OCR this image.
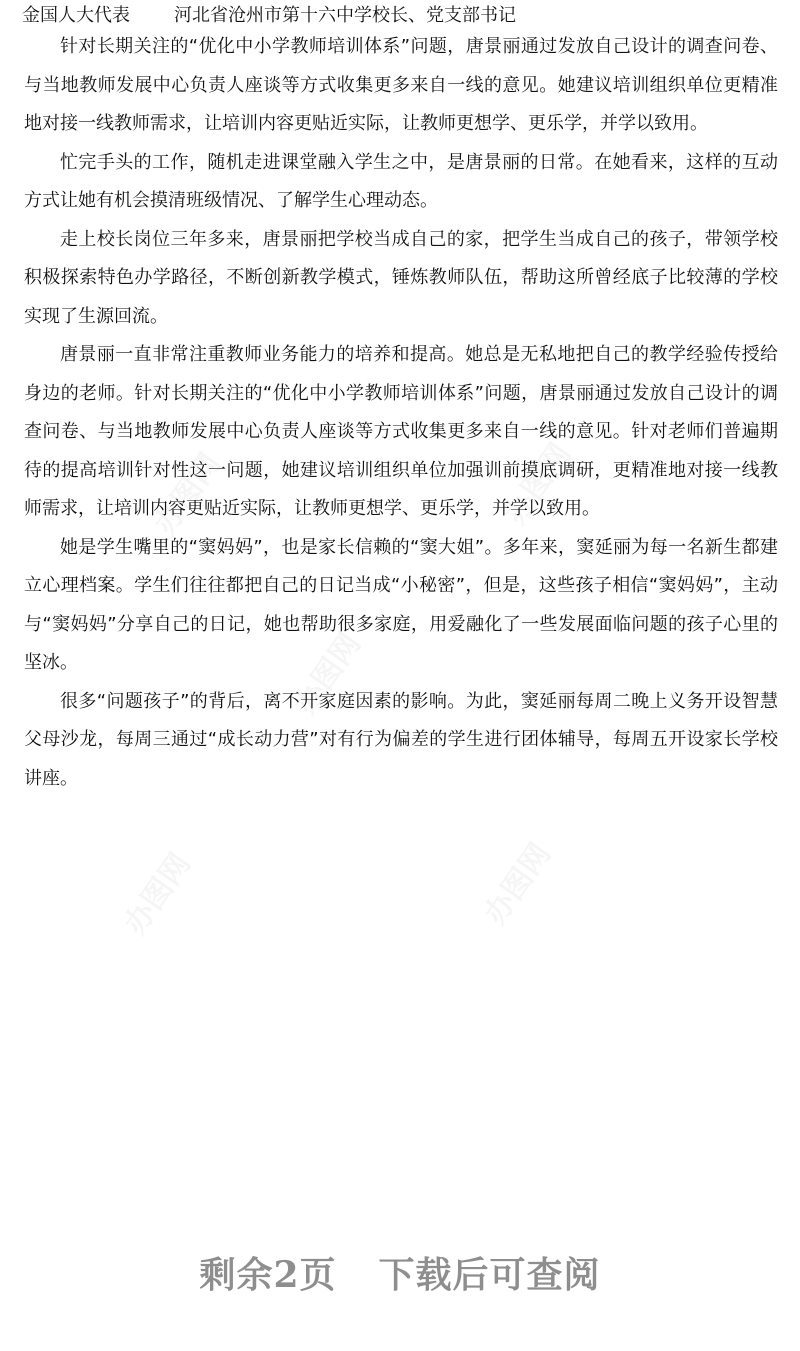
金国人大代表 河北省沧州市第十六中学校长、党支部书记

针对长期关注的“优化中小学教师培训体系”问题，唐景丽通过发放自己设计的调查问卷、与当地教师发展中心负责人座谈等方式收集更多来自一线的意见。她建议培训组织单位更精准地对接一线教师需求，让培训内容更贴近实际，让教师更想学、更乐学，并学以致用。

忙完手头的工作，随机走进课堂融入学生之中，是唐景丽的日常。在她看来，这样的互动方式让她有机会摸清班级情况、了解学生心理动态。

走上校长岗位三年多来，唐景丽把学校当成自己的家，把学生当成自己的孩子，带领学校积极探索特色办学路径，不断创新教学模式，锤炼教师队伍，帮助这所曾经底子比较薄的学校实现了生源回流。

唐景丽一直非常注重教师业务能力的培养和提高。她总是无私地把自己的教学经验传授给身边的老师。针对长期关注的“优化中小学教师培训体系”问题，唐景丽通过发放自己设计的调查问卷、与当地教师发展中心负责人座谈等方式收集更多来自一线的意见。针对老师们普遍期待的提高培训针对性这一问题，她建议培训组织单位加强训前摸底调研，更精准地对接一线教师需求，让培训内容更贴近实际，让教师更想学、更乐学，并学以致用。

她是学生嘴里的“窦妈妈”，也是家长信赖的“窦大姐”。多年来，窦延丽为每一名新生都建立心理档案。学生们往往都把自己的日记当成“小秘密”，但是，这些孩子相信“窦妈妈”，主动与“窦妈妈”分享自己的日记，她也帮助很多家庭，用爱融化了一些发展面临问题的孩子心里的坚冰。

很多“问题孩子”的背后，离不开家庭因素的影响。为此，窦延丽每周二晚上义务开设智慧父母沙龙，每周三通过“成长动力营”对有行为偏差的学生进行团体辅导，每周五开设家长学校讲座。

办图网	办图网
办图网
办图网	办图网
剩余2页 下载后可查阅
